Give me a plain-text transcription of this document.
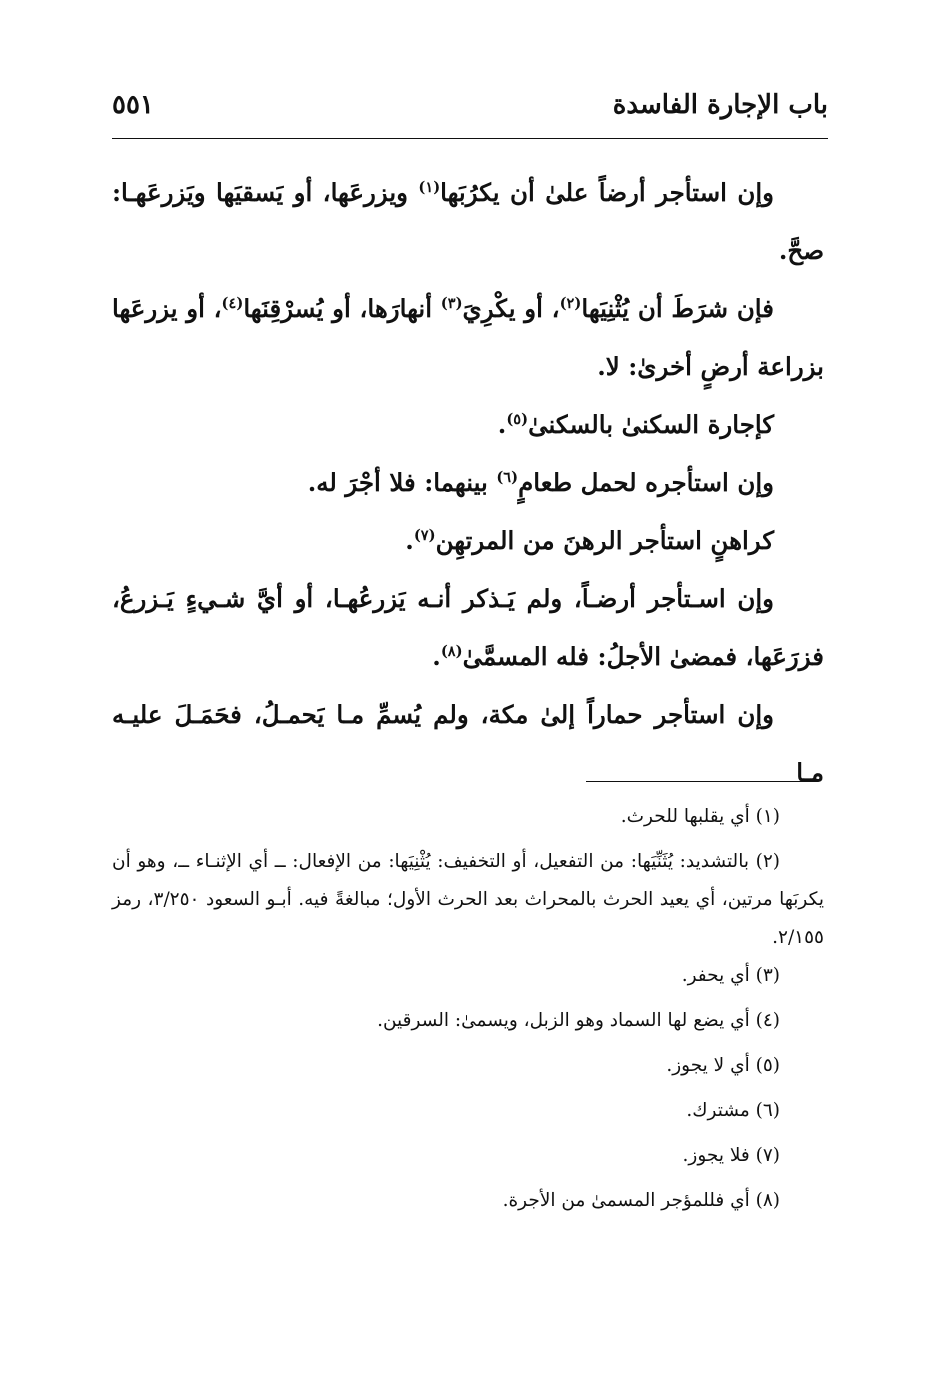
باب الإجارة الفاسدة
٥٥١

وإن استأجر أرضاً علىٰ أن يكرُبَها$^{(١)}$ ويزرعَها، أو يَسقيَها ويَزرعَهـا: صحَّ.

فإن شرَطَ أن يُثْنِيَها$^{(٢)}$، أو يكْرِيَ$^{(٣)}$ أنهارَها، أو يُسرْقِنَها$^{(٤)}$، أو يزرعَها بزراعة أرضٍ أخرىٰ: لا.

كإجارة السكنىٰ بالسكنىٰ$^{(٥)}$.

وإن استأجره لحمل طعامٍ$^{(٦)}$ بينهما: فلا أجْرَ له.

كراهنٍ استأجر الرهنَ من المرتهِن$^{(٧)}$.

وإن اسـتأجر أرضـاً، ولم يَـذكر أنـه يَزرعُهـا، أو أيَّ شـيءٍ يَـزرعُ، فزرَعَها، فمضىٰ الأجلُ: فله المسمَّىٰ$^{(٨)}$.

وإن استأجر حماراً إلىٰ مكة، ولم يُسمِّ مـا يَحمـلُ، فحَمَـلَ عليـه مـا

(١) أي يقلبها للحرث.

(٢) بالتشديد: يُثَنِّيَها: من التفعيل، أو التخفيف: يُثْنِيَها: من الإفعال: ــ أي الإثنـاء ــ، وهو أن يكربَها مرتين، أي يعيد الحرث بالمحراث بعد الحرث الأول؛ مبالغةً فيه. أبـو السعود ٣/٢٥٠، رمز ٢/١٥٥.

(٣) أي يحفر.

(٤) أي يضع لها السماد وهو الزبل، ويسمىٰ: السرقين.

(٥) أي لا يجوز.

(٦) مشترك.

(٧) فلا يجوز.

(٨) أي فللمؤجر المسمىٰ من الأجرة.
